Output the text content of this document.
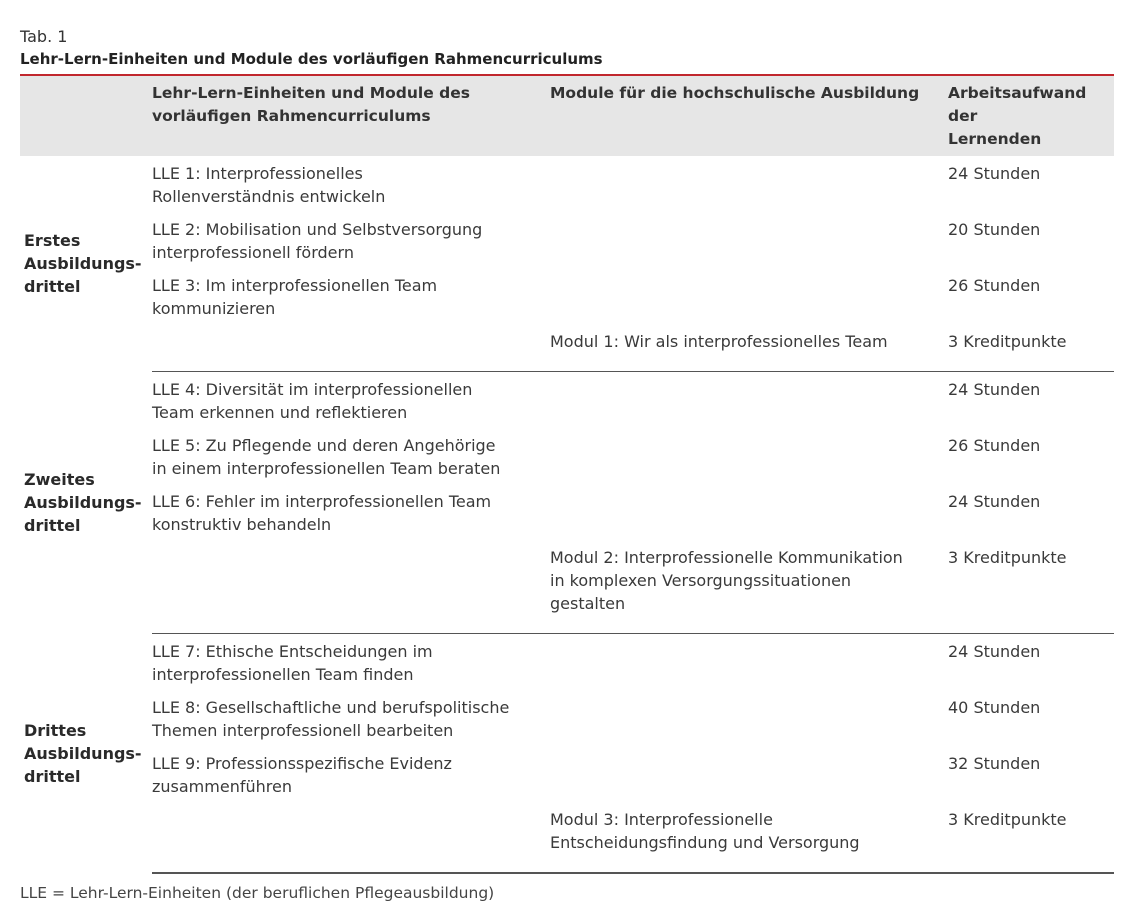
Tab. 1
Lehr-Lern-Einheiten und Module des vorläufigen Rahmencurriculums
	Lehr-Lern-Einheiten und Module des vorläufigen Rahmencurriculums	Module für die hochschulische Ausbildung	Arbeitsaufwand der Lernenden
Erstes Ausbildungs-drittel	LLE 1: Interprofessionelles Rollenverständnis entwickeln		24 Stunden
	LLE 2: Mobilisation und Selbstversorgung interprofessionell fördern		20 Stunden
	LLE 3: Im interprofessionellen Team kommunizieren		26 Stunden
		Modul 1: Wir als interprofessionelles Team	3 Kreditpunkte
Zweites Ausbildungs-drittel	LLE 4: Diversität im interprofessionellen Team erkennen und reflektieren		24 Stunden
	LLE 5: Zu Pflegende und deren Angehörige in einem interprofessionellen Team beraten		26 Stunden
	LLE 6: Fehler im interprofessionellen Team konstruktiv behandeln		24 Stunden
		Modul 2: Interprofessionelle Kommunikation in komplexen Versorgungssituationen gestalten	3 Kreditpunkte
Drittes Ausbildungs-drittel	LLE 7: Ethische Entscheidungen im interprofessionellen Team finden		24 Stunden
	LLE 8: Gesellschaftliche und berufspolitische Themen interprofessionell bearbeiten		40 Stunden
	LLE 9: Professionsspezifische Evidenz zusammenführen		32 Stunden
		Modul 3: Interprofessionelle Entscheidungsfindung und Versorgung	3 Kreditpunkte
LLE = Lehr-Lern-Einheiten (der beruflichen Pflegeausbildung)
